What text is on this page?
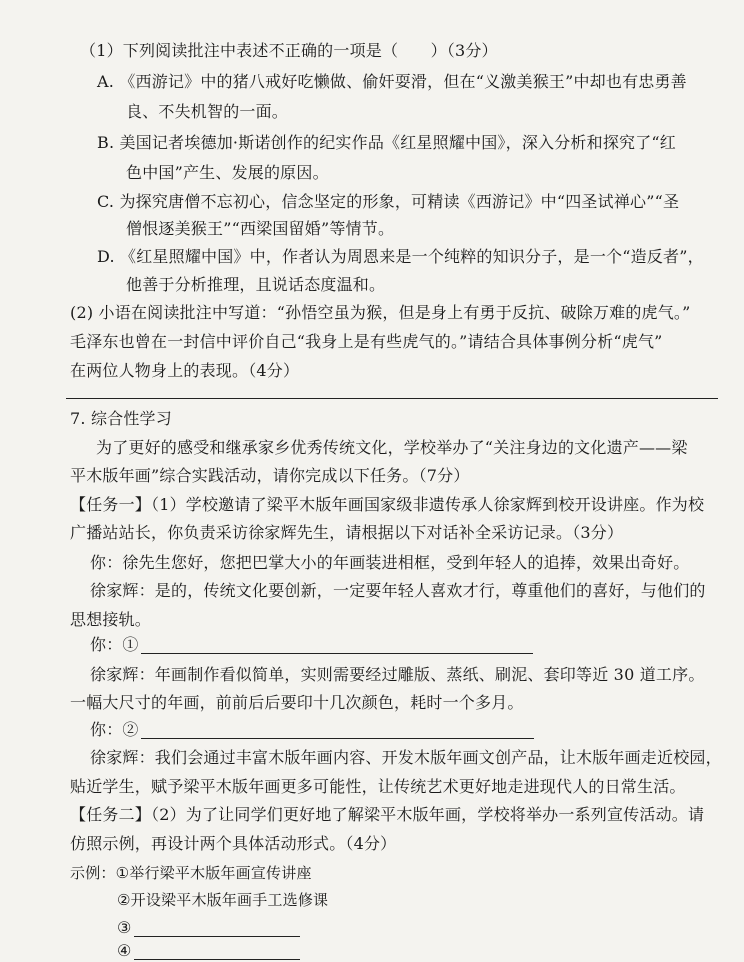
（1）下列阅读批注中表述不正确的一项是（　　）（3分）
A. 《西游记》中的猪八戒好吃懒做、偷奸耍滑，但在“义激美猴王”中却也有忠勇善
良、不失机智的一面。
B. 美国记者埃德加·斯诺创作的纪实作品《红星照耀中国》，深入分析和探究了“红
色中国”产生、发展的原因。
C. 为探究唐僧不忘初心，信念坚定的形象，可精读《西游记》中“四圣试禅心”“圣
僧恨逐美猴王”“西梁国留婚”等情节。
D. 《红星照耀中国》中，作者认为周恩来是一个纯粹的知识分子，是一个“造反者”，
他善于分析推理，且说话态度温和。
(2) 小语在阅读批注中写道：“孙悟空虽为猴，但是身上有勇于反抗、破除万难的虎气。”
毛泽东也曾在一封信中评价自己“我身上是有些虎气的。”请结合具体事例分析“虎气”
在两位人物身上的表现。（4分）
7. 综合性学习
为了更好的感受和继承家乡优秀传统文化，学校举办了“关注身边的文化遗产——梁
平木版年画”综合实践活动，请你完成以下任务。（7分）
【任务一】（1）学校邀请了梁平木版年画国家级非遗传承人徐家辉到校开设讲座。作为校
广播站站长，你负责采访徐家辉先生，请根据以下对话补全采访记录。（3分）
你：徐先生您好，您把巴掌大小的年画装进相框，受到年轻人的追捧，效果出奇好。
徐家辉：是的，传统文化要创新，一定要年轻人喜欢才行，尊重他们的喜好，与他们的
思想接轨。
你：①
徐家辉：年画制作看似简单，实则需要经过雕版、蒸纸、刷泥、套印等近 30 道工序。
一幅大尺寸的年画，前前后后要印十几次颜色，耗时一个多月。
你：②
徐家辉：我们会通过丰富木版年画内容、开发木版年画文创产品，让木版年画走近校园，
贴近学生，赋予梁平木版年画更多可能性，让传统艺术更好地走进现代人的日常生活。
【任务二】（2）为了让同学们更好地了解梁平木版年画，学校将举办一系列宣传活动。请
仿照示例，再设计两个具体活动形式。（4分）
示例：①举行梁平木版年画宣传讲座
②开设梁平木版年画手工选修课
③
④
